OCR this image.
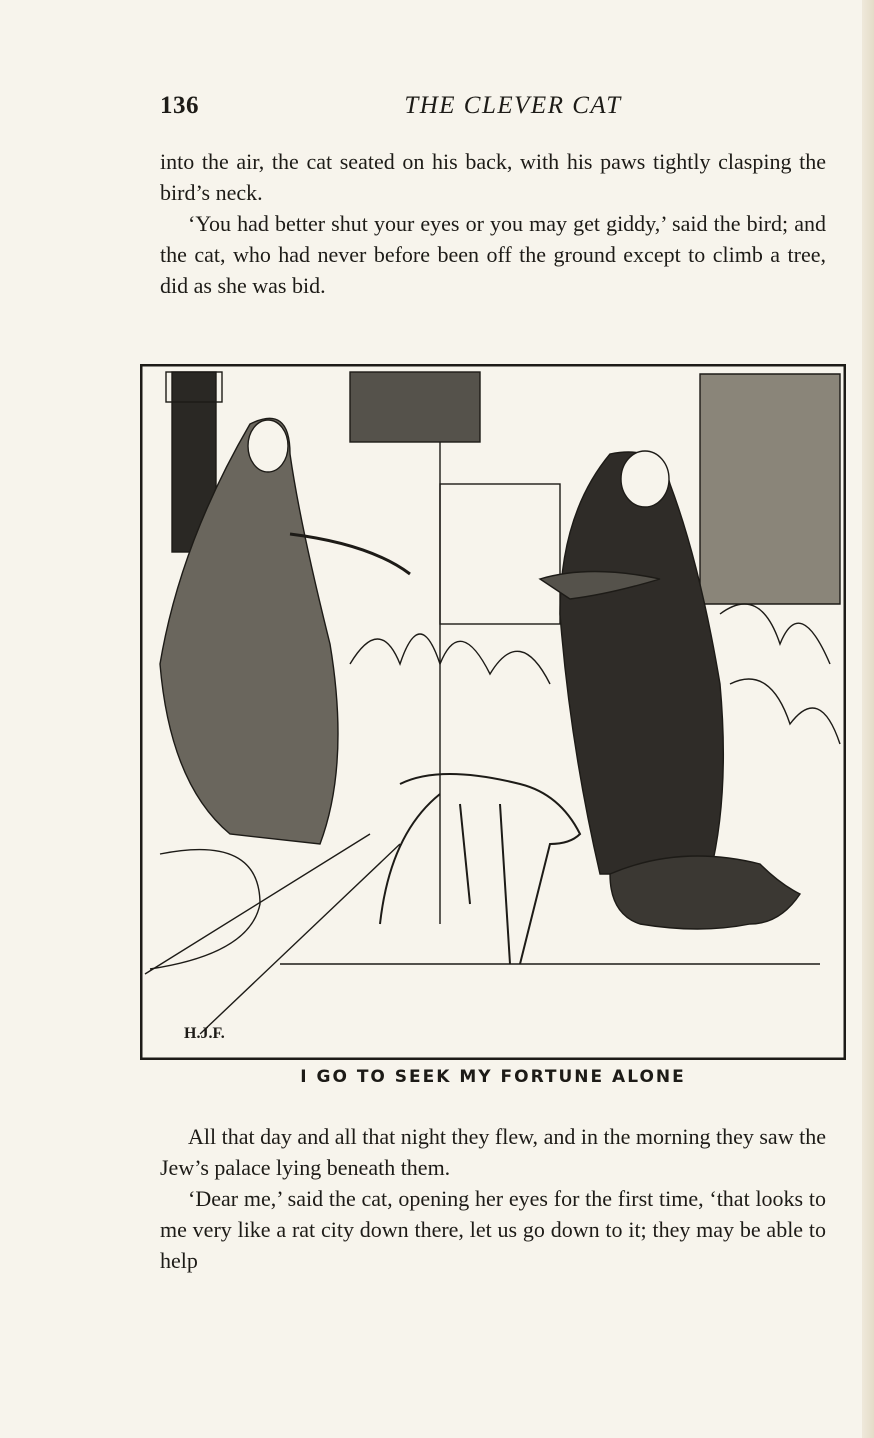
136	THE CLEVER CAT

into the air, the cat seated on his back, with his paws tightly clasping the bird’s neck.

‘You had better shut your eyes or you may get giddy,’ said the bird; and the cat, who had never before been off the ground except to climb a tree, did as she was bid.

H.J.F.
I GO TO SEEK MY FORTUNE ALONE

All that day and all that night they flew, and in the morning they saw the Jew’s palace lying beneath them.

‘Dear me,’ said the cat, opening her eyes for the first time, ‘that looks to me very like a rat city down there, let us go down to it; they may be able to help
